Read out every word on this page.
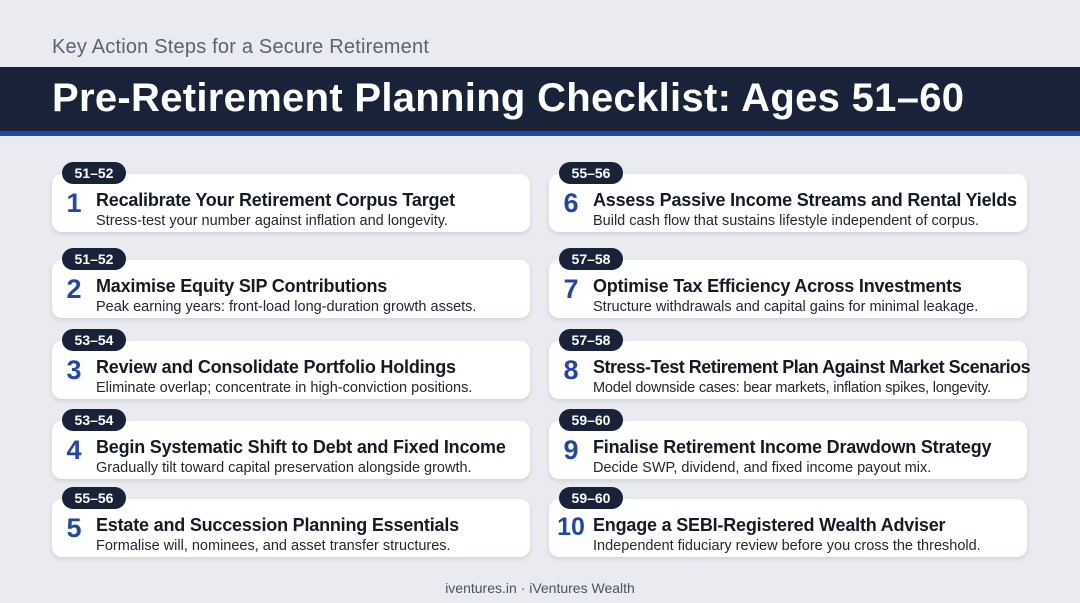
Key Action Steps for a Secure Retirement
Pre-Retirement Planning Checklist: Ages 51–60
51–52
1 Recalibrate Your Retirement Corpus Target
Stress-test your number against inflation and longevity.
51–52
2 Maximise Equity SIP Contributions
Peak earning years: front-load long-duration growth assets.
53–54
3 Review and Consolidate Portfolio Holdings
Eliminate overlap; concentrate in high-conviction positions.
53–54
4 Begin Systematic Shift to Debt and Fixed Income
Gradually tilt toward capital preservation alongside growth.
55–56
5 Estate and Succession Planning Essentials
Formalise will, nominees, and asset transfer structures.
55–56
6 Assess Passive Income Streams and Rental Yields
Build cash flow that sustains lifestyle independent of corpus.
57–58
7 Optimise Tax Efficiency Across Investments
Structure withdrawals and capital gains for minimal leakage.
57–58
8 Stress-Test Retirement Plan Against Market Scenarios
Model downside cases: bear markets, inflation spikes, longevity.
59–60
9 Finalise Retirement Income Drawdown Strategy
Decide SWP, dividend, and fixed income payout mix.
59–60
10 Engage a SEBI-Registered Wealth Adviser
Independent fiduciary review before you cross the threshold.
iventures.in · iVentures Wealth
